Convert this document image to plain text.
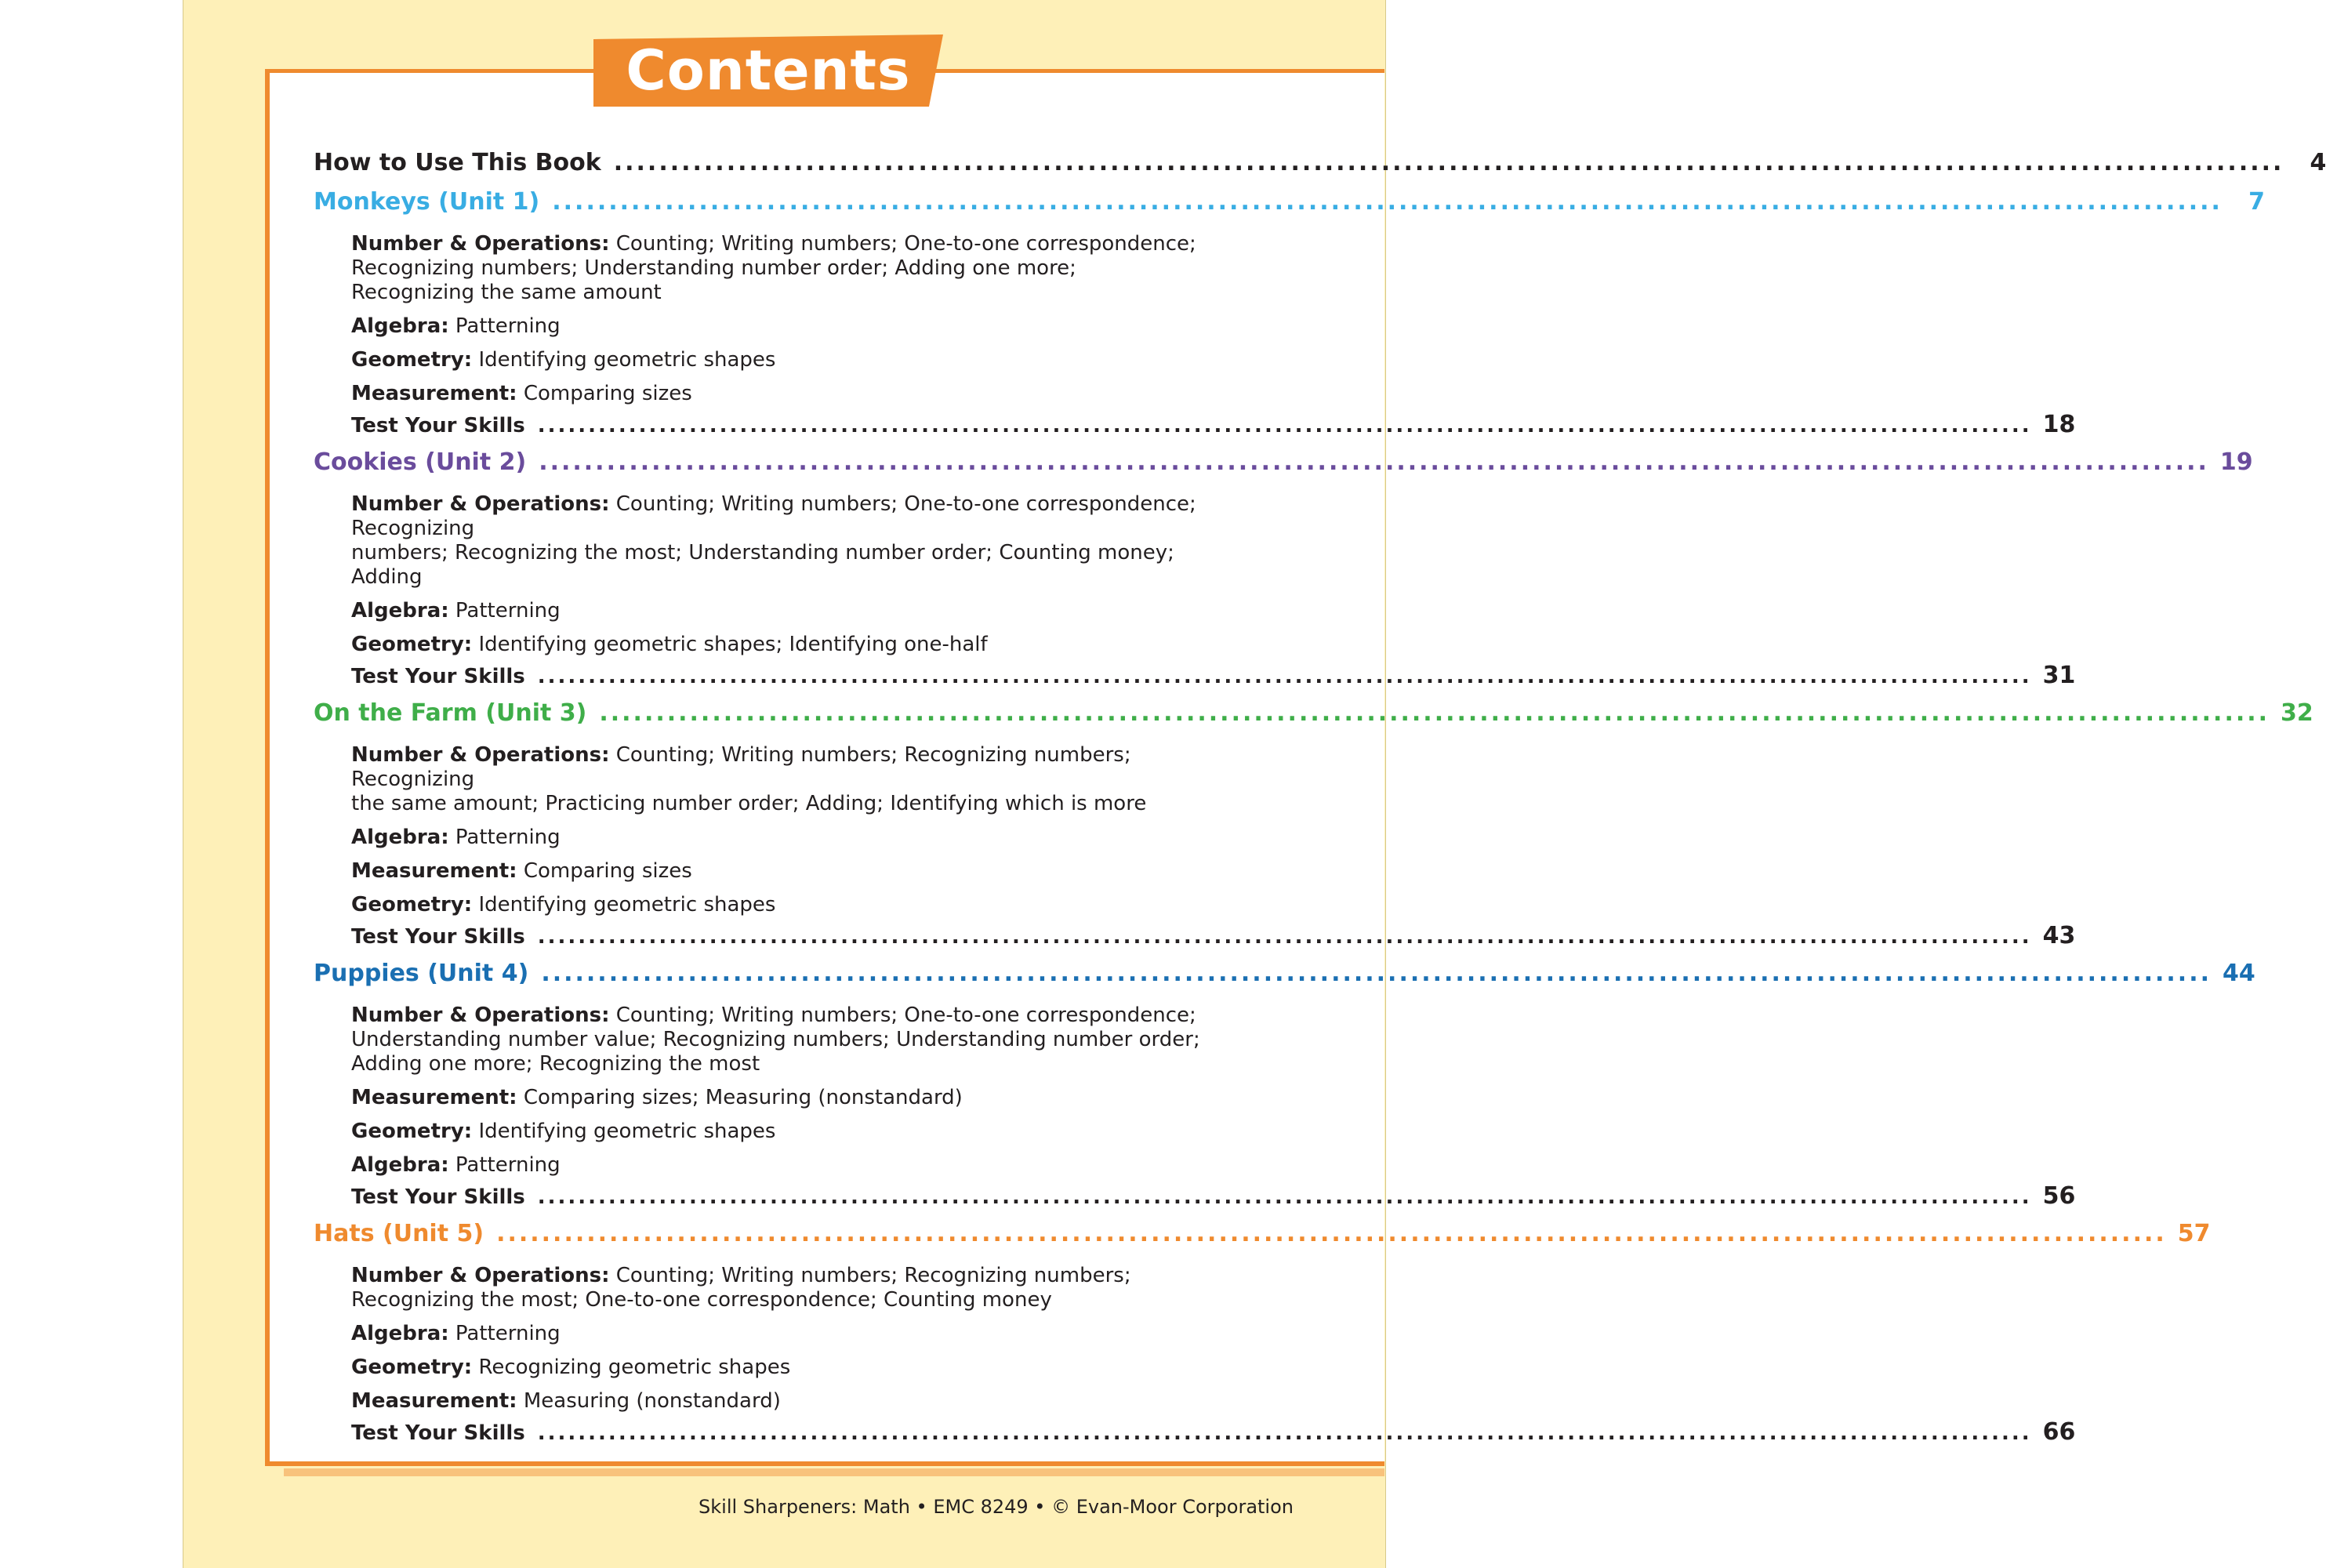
Contents
How to Use This Book ....................................................................................................................................................	4
Monkeys (Unit 1) ....................................................................................................................................................	7
Number & Operations: Counting; Writing numbers; One-to-one correspondence;
Recognizing numbers; Understanding number order; Adding one more;
Recognizing the same amount
Algebra: Patterning
Geometry: Identifying geometric shapes
Measurement: Comparing sizes
Test Your Skills .................................................................................................................................................... 18
Cookies (Unit 2) .................................................................................................................................................... 19
Number & Operations: Counting; Writing numbers; One-to-one correspondence; Recognizing
numbers; Recognizing the most; Understanding number order; Counting money; Adding
Algebra: Patterning
Geometry: Identifying geometric shapes; Identifying one-half
Test Your Skills .................................................................................................................................................... 31
On the Farm (Unit 3) .................................................................................................................................................... 32
Number & Operations: Counting; Writing numbers; Recognizing numbers; Recognizing
the same amount; Practicing number order; Adding; Identifying which is more
Algebra: Patterning
Measurement: Comparing sizes
Geometry: Identifying geometric shapes
Test Your Skills .................................................................................................................................................... 43
Puppies (Unit 4) .................................................................................................................................................... 44
Number & Operations: Counting; Writing numbers; One-to-one correspondence;
Understanding number value; Recognizing numbers; Understanding number order;
Adding one more; Recognizing the most
Measurement: Comparing sizes; Measuring (nonstandard)
Geometry: Identifying geometric shapes
Algebra: Patterning
Test Your Skills .................................................................................................................................................... 56
Hats (Unit 5) .................................................................................................................................................... 57
Number & Operations: Counting; Writing numbers; Recognizing numbers;
Recognizing the most; One-to-one correspondence; Counting money
Algebra: Patterning
Geometry: Recognizing geometric shapes
Measurement: Measuring (nonstandard)
Test Your Skills .................................................................................................................................................... 66
Skill Sharpeners: Math • EMC 8249 • © Evan-Moor Corporation
